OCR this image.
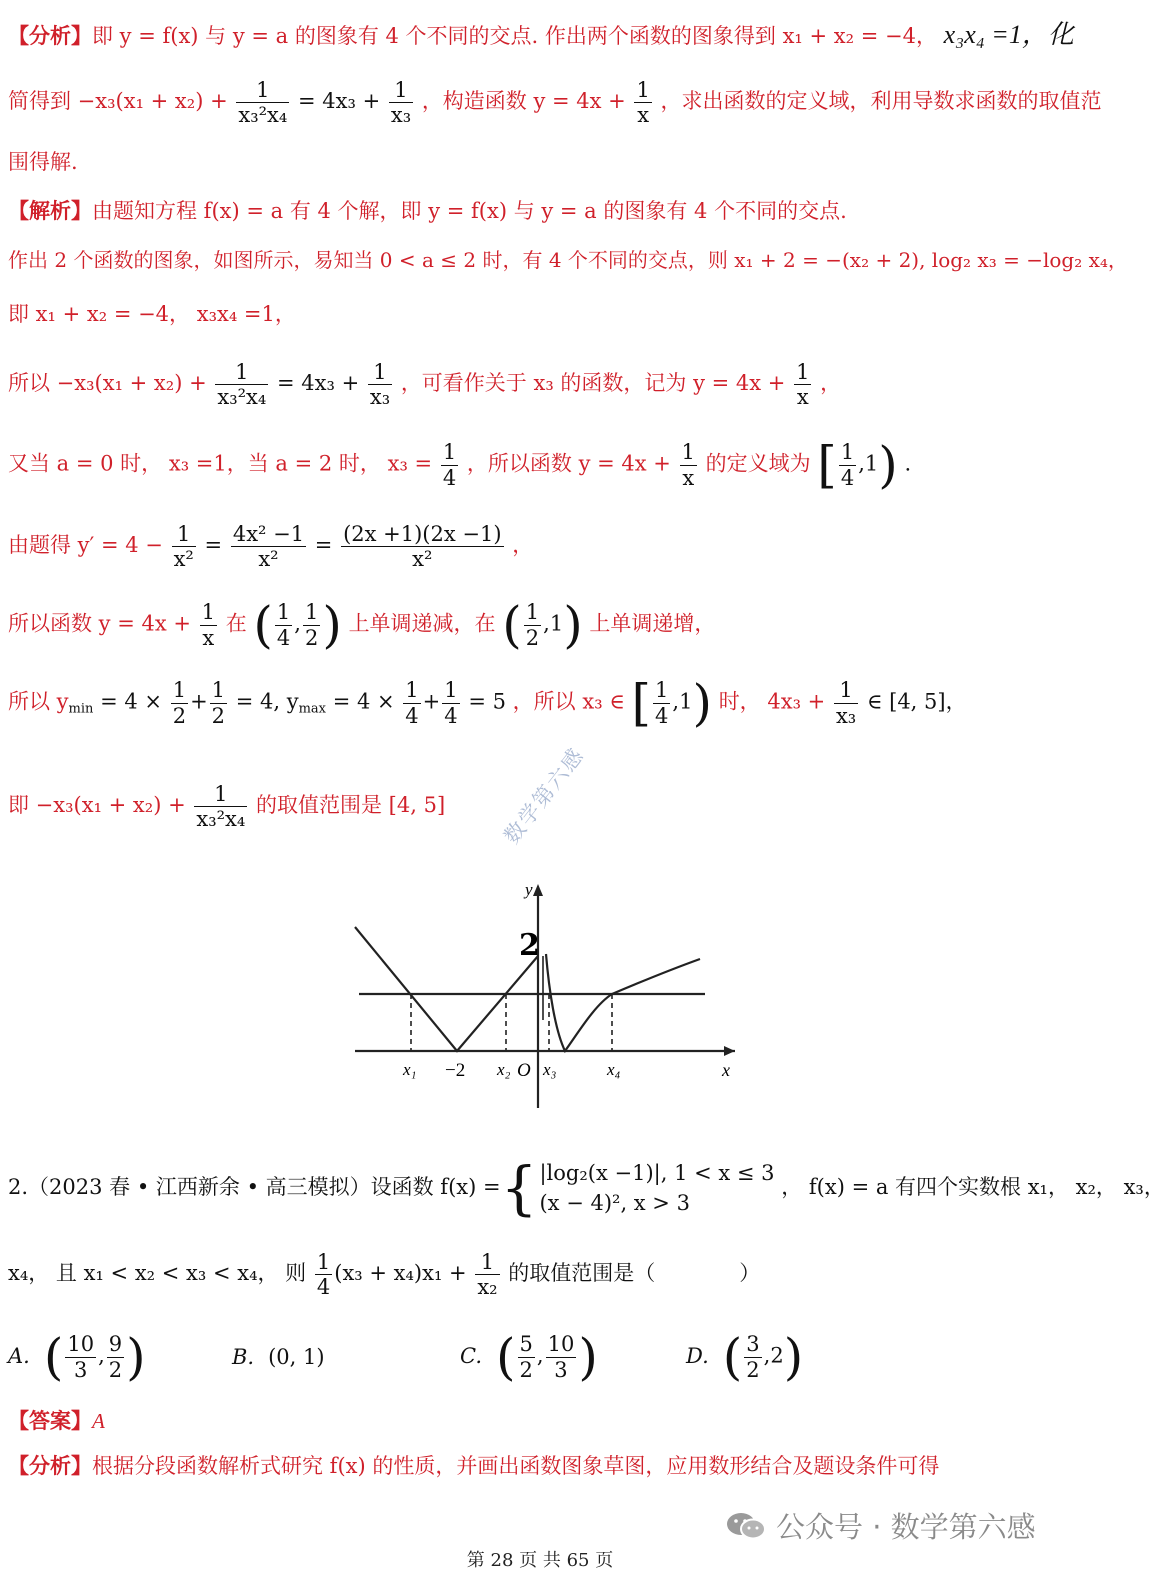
【分析】即 y = f(x) 与 y = a 的图象有 4 个不同的交点. 作出两个函数的图象得到 x₁ + x₂ = −4， x₃x₄ =1，化
简得到 $-x_3(x_1 + x_2) + \frac{1}{\text{x₃²x₄}} = 4x_3 + \frac{1}{\text{x₃}}$ ，构造函数 $y = 4x + \frac{1}{x}$ ，求出函数的定义域，利用导数求函数的取值范
围得解.
【解析】由题知方程 f(x) = a 有 4 个解，即 y = f(x) 与 y = a 的图象有 4 个不同的交点.
作出 2 个函数的图象，如图所示，易知当 0 < a ≤ 2 时，有 4 个不同的交点，则 x₁ + 2 = −(x₂ + 2), log₂ x₃ = −log₂ x₄，
即 x₁ + x₂ = −4， x₃x₄ =1，
所以 $-x_3(x_1 + x_2) + \frac{1}{\text{x₃²x₄}} = 4x_3 + \frac{1}{\text{x₃}}$ ，可看作关于 x₃ 的函数，记为 $y = 4x + \frac{1}{x}$ ，
又当 a = 0 时， x₃ =1，当 a = 2 时， $x_3 = \frac{1}{4}$ ，所以函数 $y = 4x + \frac{1}{x}$ 的定义域为 [ $\frac{1}{4} ,1$) .
由题得 $y' = 4 - \frac{1}{\text{x²}} = \frac{\text{4x² −1}}{\text{x²}} = \frac{(2x +1)(2x -1)}{\text{x²}}$ ，
所以函数 $y = 4x + \frac{1}{x}$ 在 ( $\frac{1}{4}$ , $\frac{1}{2}$ ) 上单调递减，在 ( $\frac{1}{2} ,1$) 上单调递增，
所以 $y_{min} = 4 \times \frac{1}{2} + \frac{1}{2} = 4$, $y_{max} = 4 \times \frac{1}{4} + \frac{1}{4} = 5$ ，所以 x₃ ∈ [ $\frac{1}{4} ,1$) 时， $4x_3 + \frac{1}{\text{x₃}}$ ∈ [4, 5]，
即 $-x_3(x_1 + x_2) + \frac{1}{\text{x₃²x₄}}$ 的取值范围是 [4, 5]	数学第六感
y
x
2
x₁ −2 x₂ O x₃	x₄
2.（2023 春 • 江西新余 • 高三模拟）设函数 f(x) ={ |log₂(x −1)|, 1 < x ≤ 3
(x − 4)², x > 3
， f(x) = a 有四个实数根 x₁， x₂， x₃，
x₄， 且 x₁ < x₂ < x₃ < x₄， 则 $\frac{1}{4} (x_3 + x_4)x_1 + \frac{1}{\text{x₂}}$ 的取值范围是（　　　　）
A. ( $\frac{10}{3}$ , $\frac{9}{2}$ )	B. (0, 1)	C. ( $\frac{5}{2}$ , $\frac{10}{3}$ )	D. ( $\frac{3}{2} ,2$)
【答案】A
【分析】根据分段函数解析式研究 f(x) 的性质，并画出函数图象草图，应用数形结合及题设条件可得
公众号 · 数学第六感
第 28 页 共 65 页
